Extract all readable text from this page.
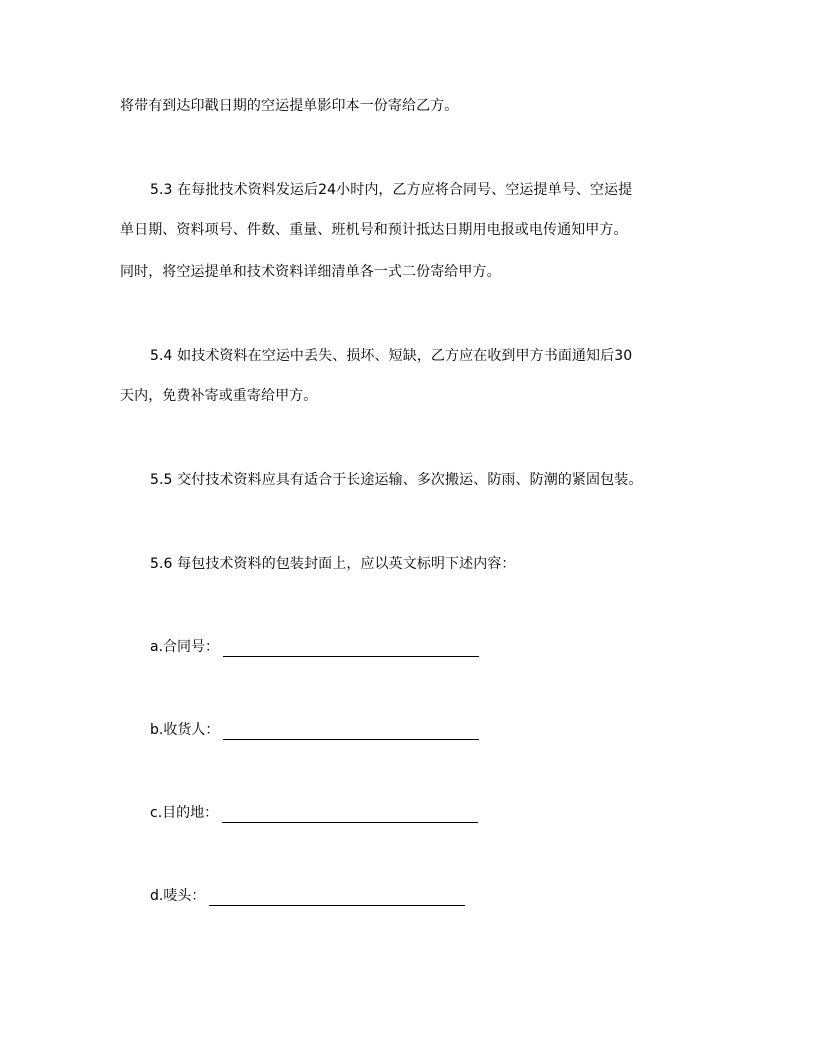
将带有到达印戳日期的空运提单影印本一份寄给乙方。
5.3 在每批技术资料发运后24小时内，乙方应将合同号、空运提单号、空运提
单日期、资料项号、件数、重量、班机号和预计抵达日期用电报或电传通知甲方。
同时，将空运提单和技术资料详细清单各一式二份寄给甲方。
5.4 如技术资料在空运中丢失、损坏、短缺，乙方应在收到甲方书面通知后30
天内，免费补寄或重寄给甲方。
5.5 交付技术资料应具有适合于长途运输、多次搬运、防雨、防潮的紧固包装。
5.6 每包技术资料的包装封面上，应以英文标明下述内容：
a.合同号：
b.收货人：
c.目的地：
d.唛头：
